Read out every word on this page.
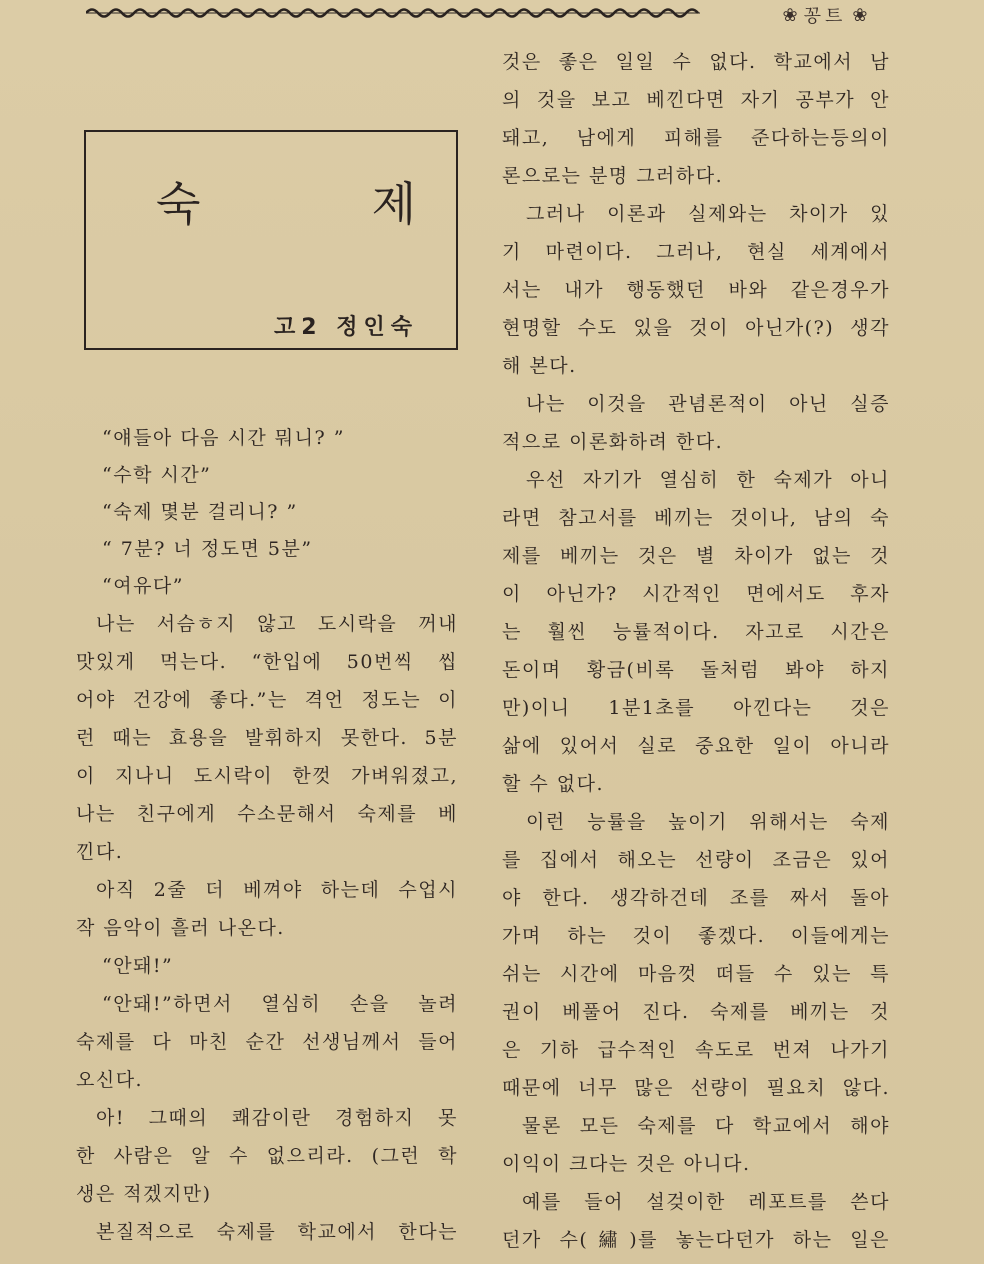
❀ 꽁트 ❀
숙	제
고2 정인숙
“얘들아 다음 시간 뭐니? ”
“수학 시간”
“숙제 몇분 걸리니? ”
“ 7분? 너 정도면 5분”
“여유다”
나는 서슴ㅎ지 않고 도시락을 꺼내
맛있게 먹는다. “한입에 50번씩 씹
어야 건강에 좋다.”는 격언 정도는 이
런 때는 효용을 발휘하지 못한다. 5분
이 지나니 도시락이 한껏 가벼워졌고,
나는 친구에게 수소문해서 숙제를 베
낀다.
아직 2줄 더 베껴야 하는데 수업시
작 음악이 흘러 나온다.
“안돼!”
“안돼!”하면서 열심히 손을 놀려
숙제를 다 마친 순간 선생님께서 들어
오신다.
아! 그때의 쾌감이란 경험하지 못
한 사람은 알 수 없으리라. (그런 학
생은 적겠지만)
본질적으로 숙제를 학교에서 한다는
것은 좋은 일일 수 없다. 학교에서 남
의 것을 보고 베낀다면 자기 공부가 안
돼고, 남에게 피해를 준다하는등의이
론으로는 분명 그러하다.
그러나 이론과 실제와는 차이가 있
기 마련이다. 그러나, 현실 세계에서
서는 내가 행동했던 바와 같은경우가
현명할 수도 있을 것이 아닌가(?) 생각
해 본다.
나는 이것을 관념론적이 아닌 실증
적으로 이론화하려 한다.
우선 자기가 열심히 한 숙제가 아니
라면 참고서를 베끼는 것이나, 남의 숙
제를 베끼는 것은 별 차이가 없는 것
이 아닌가? 시간적인 면에서도 후자
는 훨씬 능률적이다. 자고로 시간은
돈이며 황금(비록 돌처럼 봐야 하지
만)이니 1분1초를 아낀다는 것은
삶에 있어서 실로 중요한 일이 아니라
할 수 없다.
이런 능률을 높이기 위해서는 숙제
를 집에서 해오는 선량이 조금은 있어
야 한다. 생각하건데 조를 짜서 돌아
가며 하는 것이 좋겠다. 이들에게는
쉬는 시간에 마음껏 떠들 수 있는 특
권이 베풀어 진다. 숙제를 베끼는 것
은 기하 급수적인 속도로 번져 나가기
때문에 너무 많은 선량이 필요치 않다.
물론 모든 숙제를 다 학교에서 해야
이익이 크다는 것은 아니다.
예를 들어 설겆이한 레포트를 쓴다
던가 수(繡)를 놓는다던가 하는 일은
